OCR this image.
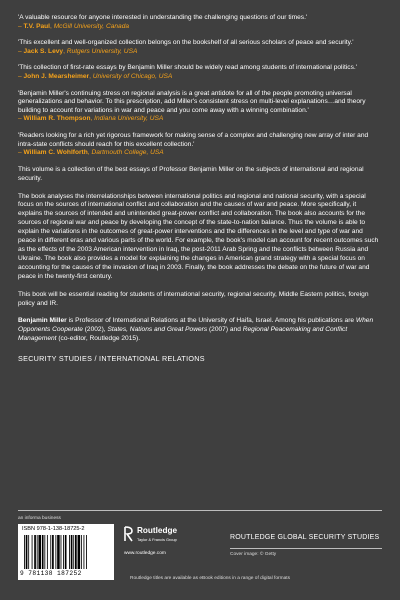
'A valuable resource for anyone interested in understanding the challenging questions of our times.'

– T.V. Paul, McGill University, Canada

'This excellent and well-organized collection belongs on the bookshelf of all serious scholars of peace and security.'

– Jack S. Levy, Rutgers University, USA

'This collection of first-rate essays by Benjamin Miller should be widely read among students of international politics.'

– John J. Mearsheimer, University of Chicago, USA

'Benjamin Miller's continuing stress on regional analysis is a great antidote for all of the people promoting universal generalizations and behavior. To this prescription, add Miller's consistent stress on multi-level explanations…and theory building to account for variations in war and peace and you come away with a winning combination.'

– William R. Thompson, Indiana University, USA

'Readers looking for a rich yet rigorous framework for making sense of a complex and challenging new array of inter and intra-state conflicts should reach for this excellent collection.'

– William C. Wohlforth, Dartmouth College, USA

This volume is a collection of the best essays of Professor Benjamin Miller on the subjects of international and regional security.

The book analyses the interrelationships between international politics and regional and national security, with a special focus on the sources of international conflict and collaboration and the causes of war and peace. More specifically, it explains the sources of intended and unintended great-power conflict and collaboration. The book also accounts for the sources of regional war and peace by developing the concept of the state-to-nation balance. Thus the volume is able to explain the variations in the outcomes of great-power interventions and the differences in the level and type of war and peace in different eras and various parts of the world. For example, the book's model can account for recent outcomes such as the effects of the 2003 American intervention in Iraq, the post-2011 Arab Spring and the conflicts between Russia and Ukraine. The book also provides a model for explaining the changes in American grand strategy with a special focus on accounting for the causes of the invasion of Iraq in 2003. Finally, the book addresses the debate on the future of war and peace in the twenty-first century.

This book will be essential reading for students of international security, regional security, Middle Eastern politics, foreign policy and IR.

Benjamin Miller is Professor of International Relations at the University of Haifa, Israel. Among his publications are When Opponents Cooperate (2002), States, Nations and Great Powers (2007) and Regional Peacemaking and Conflict Management (co-editor, Routledge 2015).

SECURITY STUDIES / INTERNATIONAL RELATIONS
an informa business
ISBN 978-1-138-18725-2
9 781138 187252
Routledge
Taylor & Francis Group
www.routledge.com
ROUTLEDGE GLOBAL SECURITY STUDIES
Cover image: © Getty
Routledge titles are available as eBook editions in a range of digital formats
